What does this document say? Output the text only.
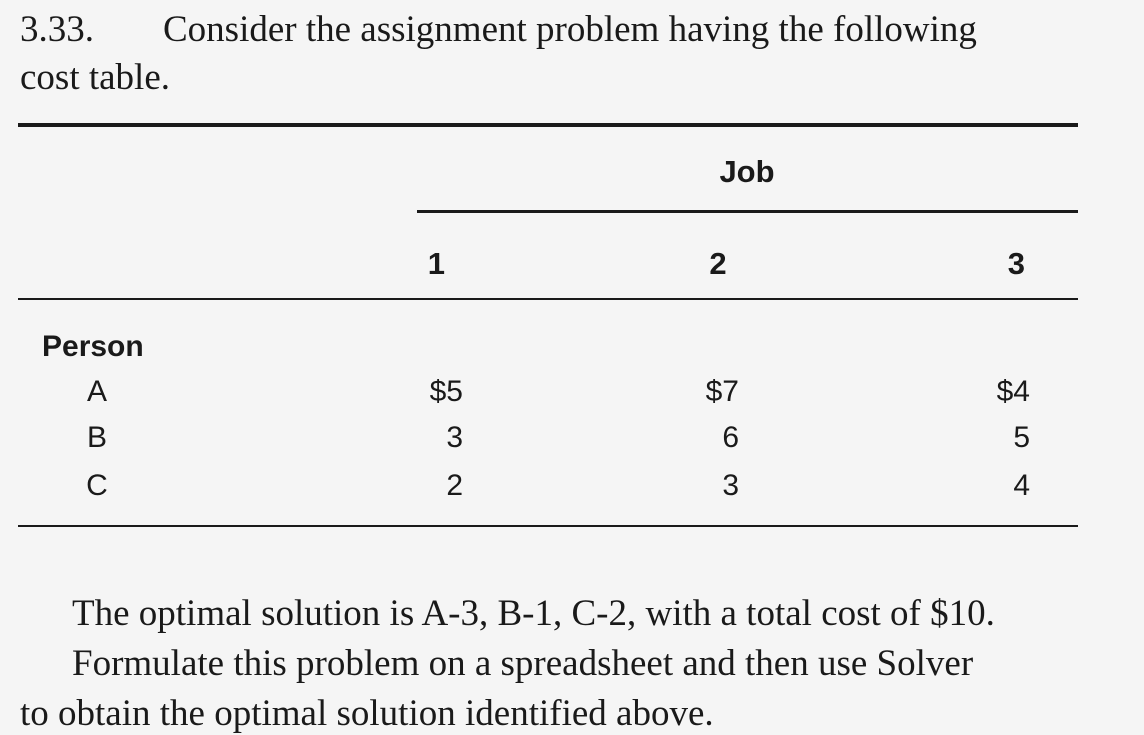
3.33. Consider the assignment problem having the following
cost table.
Job
1	2	3
Person
A	$5	$7	$4
B	3	6	5
C	2	3	4
The optimal solution is A-3, B-1, C-2, with a total cost of $10.
Formulate this problem on a spreadsheet and then use Solver
to obtain the optimal solution identified above.
